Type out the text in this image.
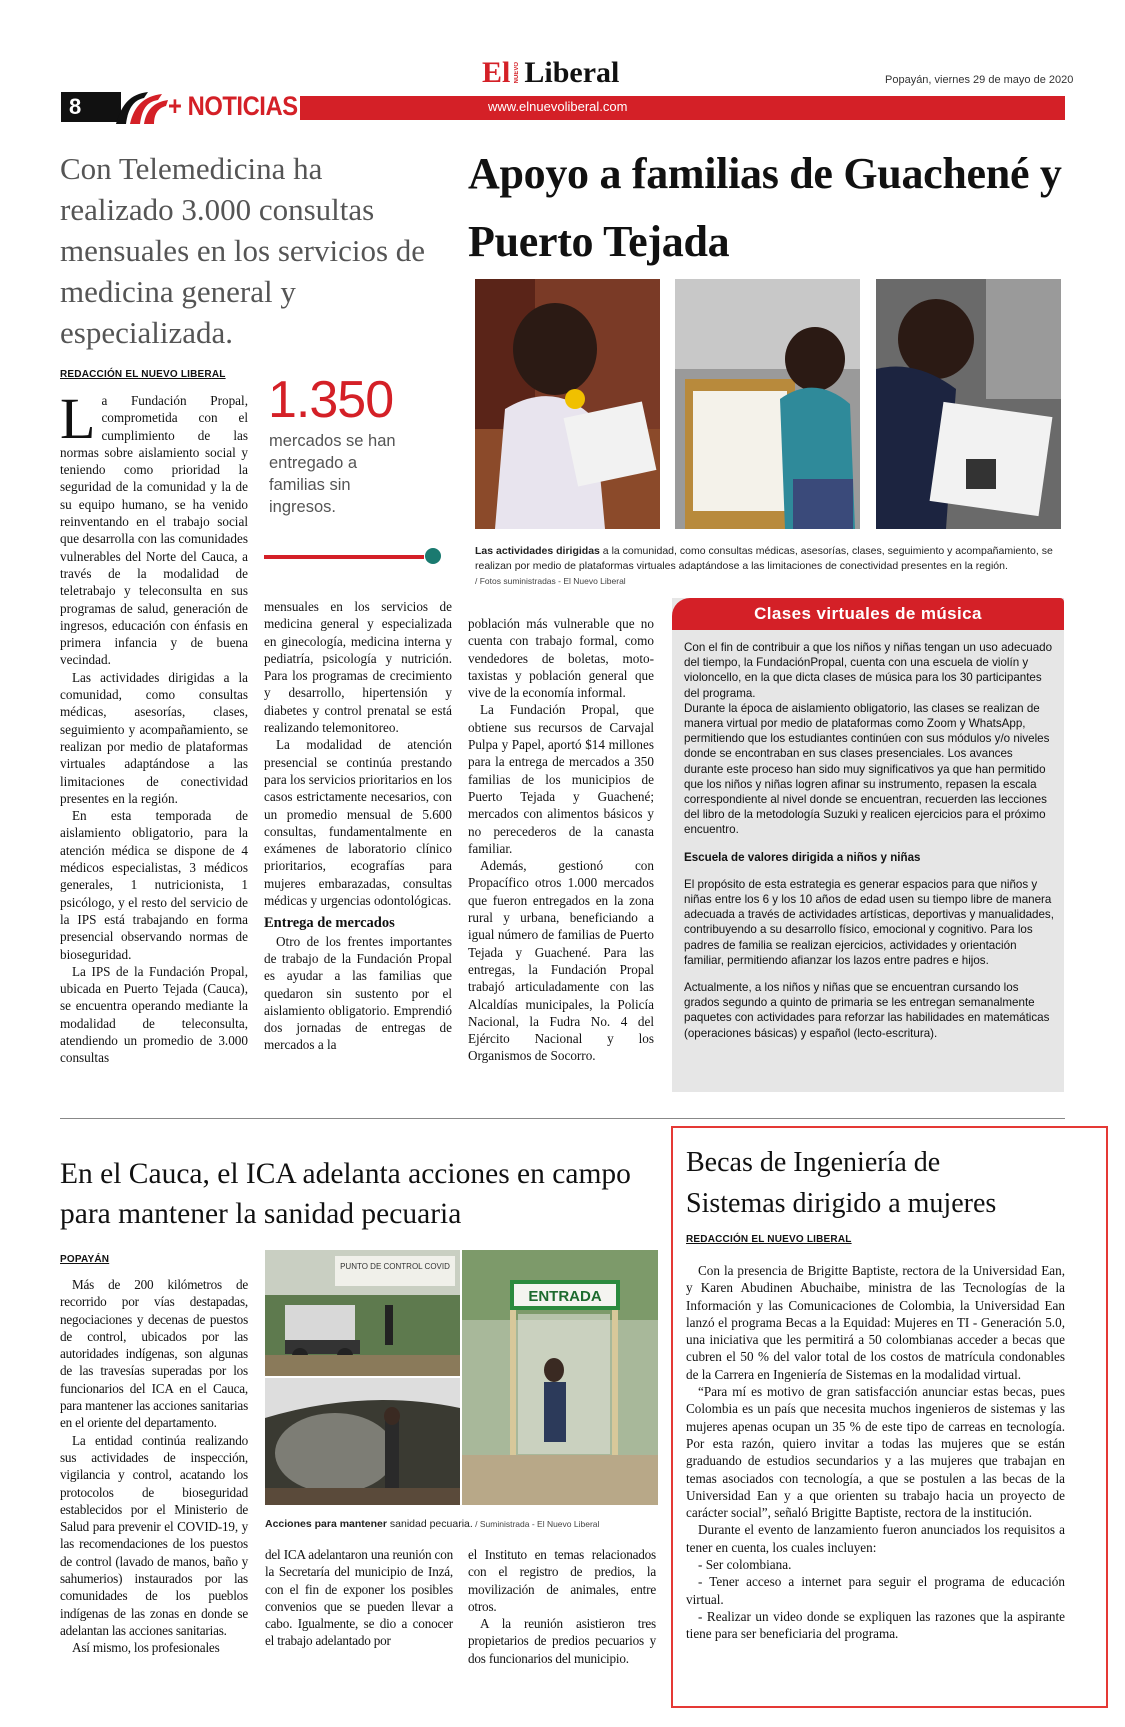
8	+ NOTICIAS
El NUEVO Liberal
www.elnuevoliberal.com
Popayán, viernes 29 de mayo de 2020
Con Telemedicina ha realizado 3.000 consultas mensuales en los servicios de medicina general y especializada.
REDACCIÓN EL NUEVO LIBERAL
L a Fundación Propal, comprometida con el cumplimiento de las normas sobre aislamiento social y teniendo como prioridad la seguridad de la comunidad y la de su equipo humano, se ha venido reinventando en el trabajo social que desarrolla con las comunidades vulnerables del Norte del Cauca, a través de la modalidad de teletrabajo y teleconsulta en sus programas de salud, generación de ingresos, educación con énfasis en primera infancia y de buena vecindad.

Las actividades dirigidas a la comunidad, como consultas médicas, asesorías, clases, seguimiento y acompañamiento, se realizan por medio de plataformas virtuales adaptándose a las limitaciones de conectividad presentes en la región.

En esta temporada de aislamiento obligatorio, para la atención médica se dispone de 4 médicos especialistas, 3 médicos generales, 1 nutricionista, 1 psicólogo, y el resto del servicio de la IPS está trabajando en forma presencial observando normas de bioseguridad.

La IPS de la Fundación Propal, ubicada en Puerto Tejada (Cauca), se encuentra operando mediante la modalidad de teleconsulta, atendiendo un promedio de 3.000 consultas

1.350
mercados se han entregado a familias sin ingresos.

mensuales en los servicios de medicina general y especializada en ginecología, medicina interna y pediatría, psicología y nutrición. Para los programas de crecimiento y desarrollo, hipertensión y diabetes y control prenatal se está realizando telemonitoreo.

La modalidad de atención presencial se continúa prestando para los servicios prioritarios en los casos estrictamente necesarios, con un promedio mensual de 5.600 consultas, fundamentalmente en exámenes de laboratorio clínico prioritarios, ecografías para mujeres embarazadas, consultas médicas y urgencias odontológicas.

Entrega de mercados

Otro de los frentes importantes de trabajo de la Fundación Propal es ayudar a las familias que quedaron sin sustento por el aislamiento obligatorio. Emprendió dos jornadas de entregas de mercados a la

población más vulnerable que no cuenta con trabajo formal, como vendedores de boletas, moto-taxistas y población general que vive de la economía informal.

La Fundación Propal, que obtiene sus recursos de Carvajal Pulpa y Papel, aportó $14 millones para la entrega de mercados a 350 familias de los municipios de Puerto Tejada y Guachené; mercados con alimentos básicos y no perecederos de la canasta familiar.

Además, gestionó con Propacífico otros 1.000 mercados que fueron entregados en la zona rural y urbana, beneficiando a igual número de familias de Puerto Tejada y Guachené. Para las entregas, la Fundación Propal trabajó articuladamente con las Alcaldías municipales, la Policía Nacional, la Fudra No. 4 del Ejército Nacional y los Organismos de Socorro.

Apoyo a familias de Guachené y Puerto Tejada
Las actividades dirigidas a la comunidad, como consultas médicas, asesorías, clases, seguimiento y acompañamiento, se realizan por medio de plataformas virtuales adaptándose a las limitaciones de conectividad presentes en la región.
/ Fotos suministradas - El Nuevo Liberal
Clases virtuales de música

Con el fin de contribuir a que los niños y niñas tengan un uso adecuado del tiempo, la FundaciónPropal, cuenta con una escuela de violín y violoncello, en la que dicta clases de música para los 30 participantes del programa.

Durante la época de aislamiento obligatorio, las clases se realizan de manera virtual por medio de plataformas como Zoom y WhatsApp, permitiendo que los estudiantes continúen con sus módulos y/o niveles donde se encontraban en sus clases presenciales. Los avances durante este proceso han sido muy significativos ya que han permitido que los niños y niñas logren afinar su instrumento, repasen la escala correspondiente al nivel donde se encuentran, recuerden las lecciones del libro de la metodología Suzuki y realicen ejercicios para el próximo encuentro.

Escuela de valores dirigida a niños y niñas

El propósito de esta estrategia es generar espacios para que niños y niñas entre los 6 y los 10 años de edad usen su tiempo libre de manera adecuada a través de actividades artísticas, deportivas y manualidades, contribuyendo a su desarrollo físico, emocional y cognitivo. Para los padres de familia se realizan ejercicios, actividades y orientación familiar, permitiendo afianzar los lazos entre padres e hijos.

Actualmente, a los niños y niñas que se encuentran cursando los grados segundo a quinto de primaria se les entregan semanalmente paquetes con actividades para reforzar las habilidades en matemáticas (operaciones básicas) y español (lecto-escritura).

En el Cauca, el ICA adelanta acciones en campo para mantener la sanidad pecuaria
POPAYÁN

Más de 200 kilómetros de recorrido por vías destapadas, negociaciones y decenas de puestos de control, ubicados por las autoridades indígenas, son algunas de las travesías superadas por los funcionarios del ICA en el Cauca, para mantener las acciones sanitarias en el oriente del departamento.

La entidad continúa realizando sus actividades de inspección, vigilancia y control, acatando los protocolos de bioseguridad establecidos por el Ministerio de Salud para prevenir el COVID-19, y las recomendaciones de los puestos de control (lavado de manos, baño y sahumerios) instaurados por las comunidades de los pueblos indígenas de las zonas en donde se adelantan las acciones sanitarias.

Así mismo, los profesionales

PUNTO DE CONTROL COVID
ENTRADA
Acciones para mantener sanidad pecuaria. / Suministrada - El Nuevo Liberal

del ICA adelantaron una reunión con la Secretaría del municipio de Inzá, con el fin de exponer los posibles convenios que se pueden llevar a cabo. Igualmente, se dio a conocer el trabajo adelantado por

el Instituto en temas relacionados con el registro de predios, la movilización de animales, entre otros.

A la reunión asistieron tres propietarios de predios pecuarios y dos funcionarios del municipio.

Becas de Ingeniería de Sistemas dirigido a mujeres
REDACCIÓN EL NUEVO LIBERAL

Con la presencia de Brigitte Baptiste, rectora de la Universidad Ean, y Karen Abudinen Abuchaibe, ministra de las Tecnologías de la Información y las Comunicaciones de Colombia, la Universidad Ean lanzó el programa Becas a la Equidad: Mujeres en TI - Generación 5.0, una iniciativa que les permitirá a 50 colombianas acceder a becas que cubren el 50 % del valor total de los costos de matrícula condonables de la Carrera en Ingeniería de Sistemas en la modalidad virtual.

“Para mí es motivo de gran satisfacción anunciar estas becas, pues Colombia es un país que necesita muchos ingenieros de sistemas y las mujeres apenas ocupan un 35 % de este tipo de carreas en tecnología. Por esta razón, quiero invitar a todas las mujeres que se están graduando de estudios secundarios y a las mujeres que trabajan en temas asociados con tecnología, a que se postulen a las becas de la Universidad Ean y a que orienten su trabajo hacia un proyecto de carácter social”, señaló Brigitte Baptiste, rectora de la institución.

Durante el evento de lanzamiento fueron anunciados los requisitos a tener en cuenta, los cuales incluyen:

- Ser colombiana.

- Tener acceso a internet para seguir el programa de educación virtual.

- Realizar un video donde se expliquen las razones que la aspirante tiene para ser beneficiaria del programa.
